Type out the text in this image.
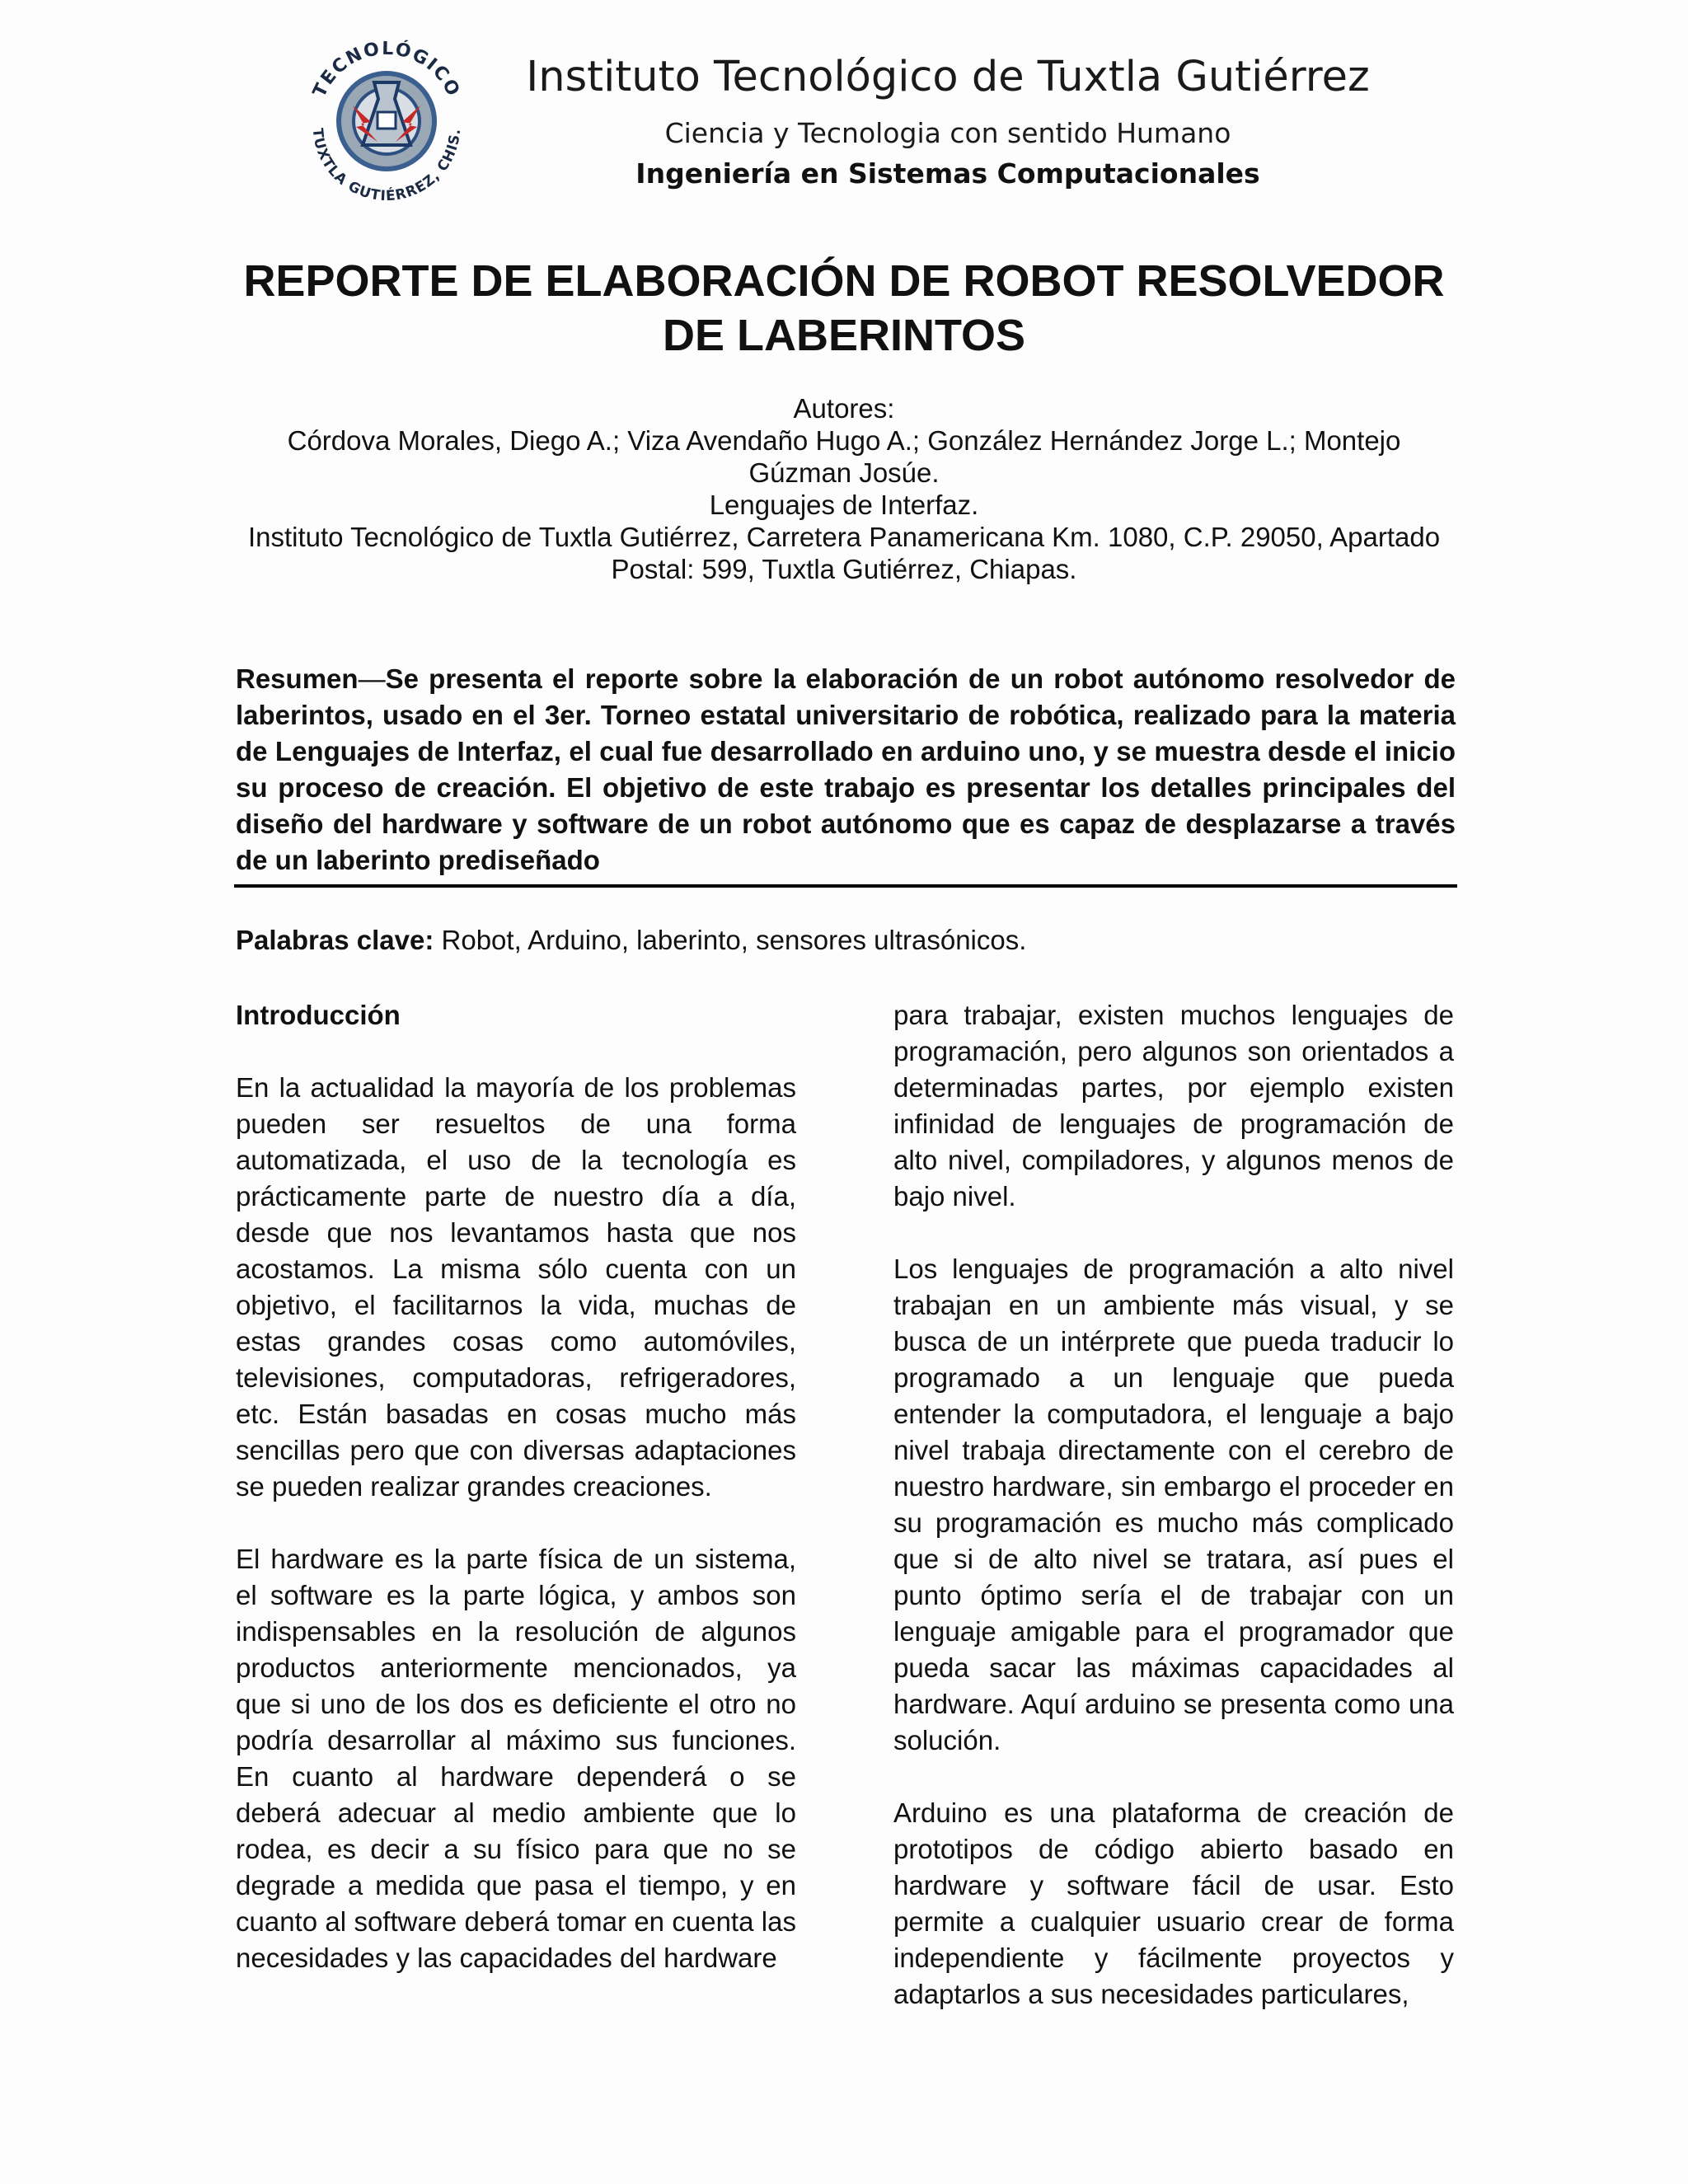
TECNOLÓGICO
TUXTLA GUTIÉRREZ, CHIS.
Instituto Tecnológico de Tuxtla Gutiérrez
Ciencia y Tecnologia con sentido Humano
Ingeniería en Sistemas Computacionales
REPORTE DE ELABORACIÓN DE ROBOT RESOLVEDOR
DE LABERINTOS
Autores:
Córdova Morales, Diego A.; Viza Avendaño Hugo A.; González Hernández Jorge L.; Montejo
Gúzman Josúe.
Lenguajes de Interfaz.
Instituto Tecnológico de Tuxtla Gutiérrez, Carretera Panamericana Km. 1080, C.P. 29050, Apartado
Postal: 599, Tuxtla Gutiérrez, Chiapas.
Resumen—Se presenta el reporte sobre la elaboración de un robot autónomo resolvedor de laberintos, usado en el 3er. Torneo estatal universitario de robótica, realizado para la materia de Lenguajes de Interfaz, el cual fue desarrollado en arduino uno, y se muestra desde el inicio su proceso de creación. El objetivo de este trabajo es presentar los detalles principales del diseño del hardware y software de un robot autónomo que es capaz de desplazarse a través de un laberinto prediseñado
Palabras clave: Robot, Arduino, laberinto, sensores ultrasónicos.
Introducción

En la actualidad la mayoría de los problemas pueden ser resueltos de una forma automatizada, el uso de la tecnología es prácticamente parte de nuestro día a día, desde que nos levantamos hasta que nos acostamos. La misma sólo cuenta con un objetivo, el facilitarnos la vida, muchas de estas grandes cosas como automóviles, televisiones, computadoras, refrigeradores, etc. Están basadas en cosas mucho más sencillas pero que con diversas adaptaciones se pueden realizar grandes creaciones.

El hardware es la parte física de un sistema, el software es la parte lógica, y ambos son indispensables en la resolución de algunos productos anteriormente mencionados, ya que si uno de los dos es deficiente el otro no podría desarrollar al máximo sus funciones. En cuanto al hardware dependerá o se deberá adecuar al medio ambiente que lo rodea, es decir a su físico para que no se degrade a medida que pasa el tiempo, y en cuanto al software deberá tomar en cuenta las necesidades y las capacidades del hardware

para trabajar, existen muchos lenguajes de programación, pero algunos son orientados a determinadas partes, por ejemplo existen infinidad de lenguajes de programación de alto nivel, compiladores, y algunos menos de bajo nivel.

Los lenguajes de programación a alto nivel trabajan en un ambiente más visual, y se busca de un intérprete que pueda traducir lo programado a un lenguaje que pueda entender la computadora, el lenguaje a bajo nivel trabaja directamente con el cerebro de nuestro hardware, sin embargo el proceder en su programación es mucho más complicado que si de alto nivel se tratara, así pues el punto óptimo sería el de trabajar con un lenguaje amigable para el programador que pueda sacar las máximas capacidades al hardware. Aquí arduino se presenta como una solución.

Arduino es una plataforma de creación de prototipos de código abierto basado en hardware y software fácil de usar. Esto permite a cualquier usuario crear de forma independiente y fácilmente proyectos y adaptarlos a sus necesidades particulares,
